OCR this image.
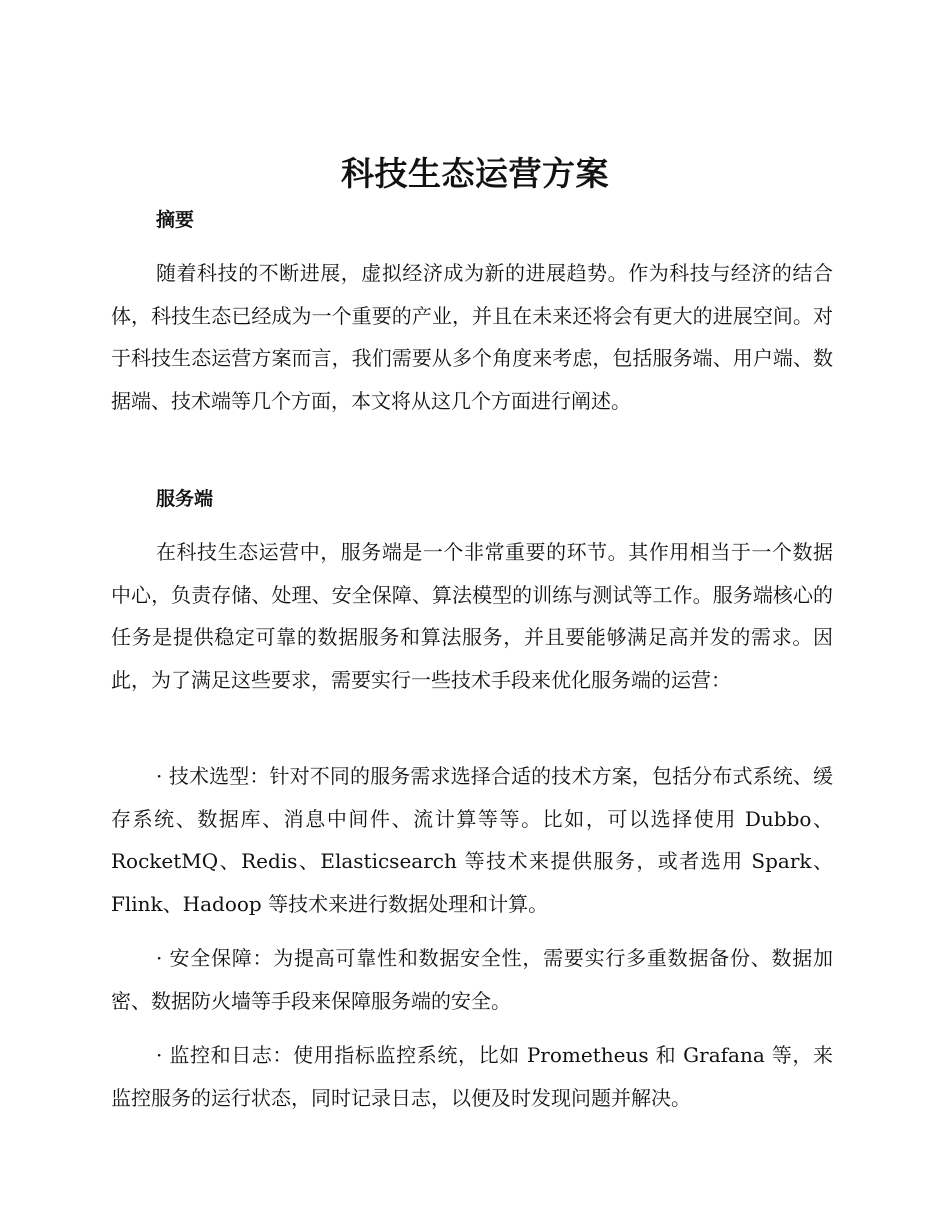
科技生态运营方案
摘要

随着科技的不断进展，虚拟经济成为新的进展趋势。作为科技与经济的结合体，科技生态已经成为一个重要的产业，并且在未来还将会有更大的进展空间。对于科技生态运营方案而言，我们需要从多个角度来考虑，包括服务端、用户端、数据端、技术端等几个方面，本文将从这几个方面进行阐述。

服务端

在科技生态运营中，服务端是一个非常重要的环节。其作用相当于一个数据中心，负责存储、处理、安全保障、算法模型的训练与测试等工作。服务端核心的任务是提供稳定可靠的数据服务和算法服务，并且要能够满足高并发的需求。因此，为了满足这些要求，需要实行一些技术手段来优化服务端的运营：

· 技术选型：针对不同的服务需求选择合适的技术方案，包括分布式系统、缓存系统、数据库、消息中间件、流计算等等。比如，可以选择使用 Dubbo、RocketMQ、Redis、Elasticsearch 等技术来提供服务，或者选用 Spark、Flink、Hadoop 等技术来进行数据处理和计算。

· 安全保障：为提高可靠性和数据安全性，需要实行多重数据备份、数据加密、数据防火墙等手段来保障服务端的安全。

· 监控和日志：使用指标监控系统，比如 Prometheus 和 Grafana 等，来监控服务的运行状态，同时记录日志，以便及时发现问题并解决。
